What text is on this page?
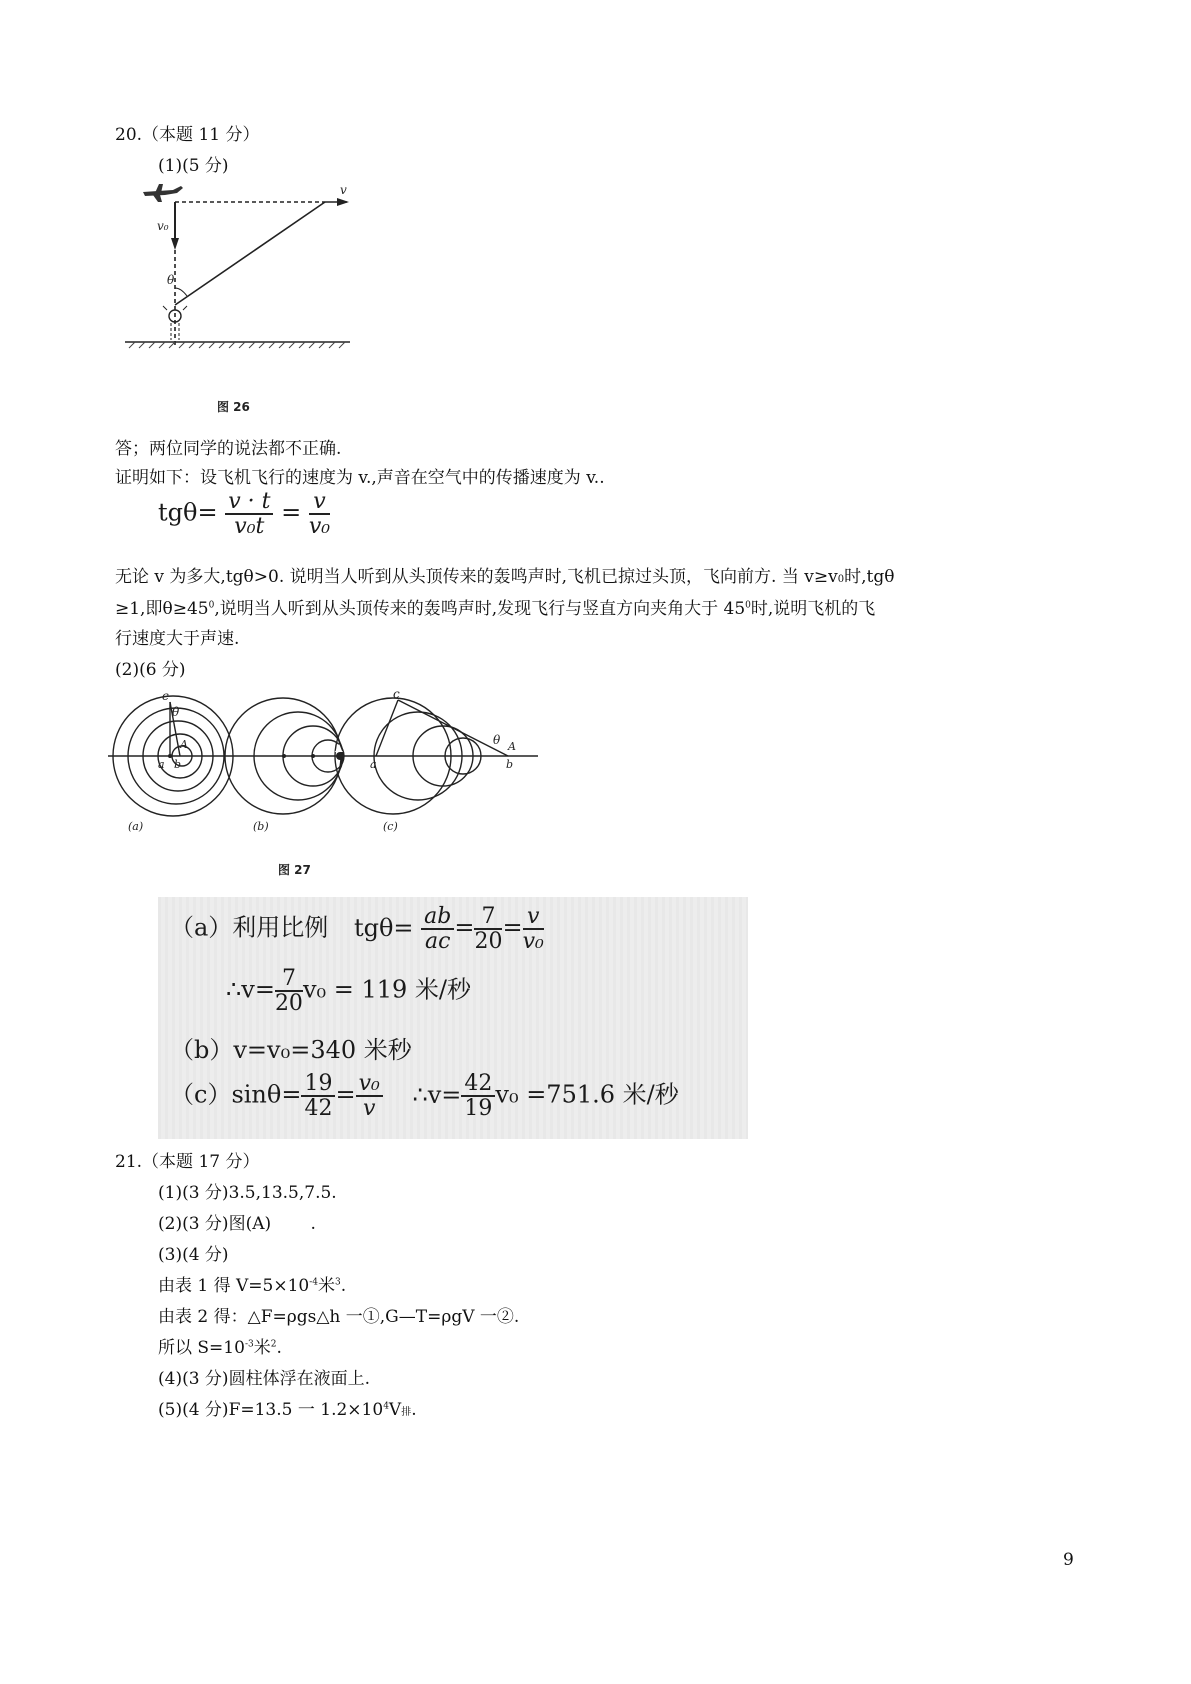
20.（本题 11 分）
(1)(5 分)
v
v₀
θ
图 26
答；两位同学的说法都不正确.
证明如下：设飞机飞行的速度为 v.,声音在空气中的传播速度为 v..
$tg\theta= \frac{v \cdot t}{\text{v₀t}} = \frac{v}{\text{v₀}}$
无论 v 为多大,tgθ>0. 说明当人听到从头顶传来的轰鸣声时,飞机已掠过头顶，飞向前方. 当 v≥v0时,tgθ
≥1,即$\theta\ge 45^0$,说明当人听到从头顶传来的轰鸣声时,发现飞行与竖直方向夹角大于 $45^0$时,说明飞机的飞
行速度大于声速.
(2)(6 分)
c
θ
A
a b
A
c
θ A
a	b
(a)	(b)	(c)
图 27
（a）利用比例 $tg\theta= \frac{ab}{ac} = \frac{7}{20} = \frac{v}{\text{v₀}}$
∴v= $\frac{7}{20} v_0 = 119$ 米/秒
（b）v=v₀=340 米秒
$(c)\sin\theta= \frac{19}{42} = \frac{\text{v₀}}{v}$ ∴v= $\frac{42}{19} v_0 =751.6$ 米/秒
21.（本题 17 分）
(1)(3 分)3.5,13.5,7.5.
(2)(3 分)图(A)　　 .
(3)(4 分)
由表 1 得 $V=5\times 10^{-4}$米$^3$.
由表 2 得：△F=ρgs△h 一①,G—T=ρgV 一②.
所以 $S=10^{-3}$米$^2$.
(4)(3 分)圆柱体浮在液面上.
(5)(4 分)F=13.5 一 $1.2\times 10^4V$排.
9
